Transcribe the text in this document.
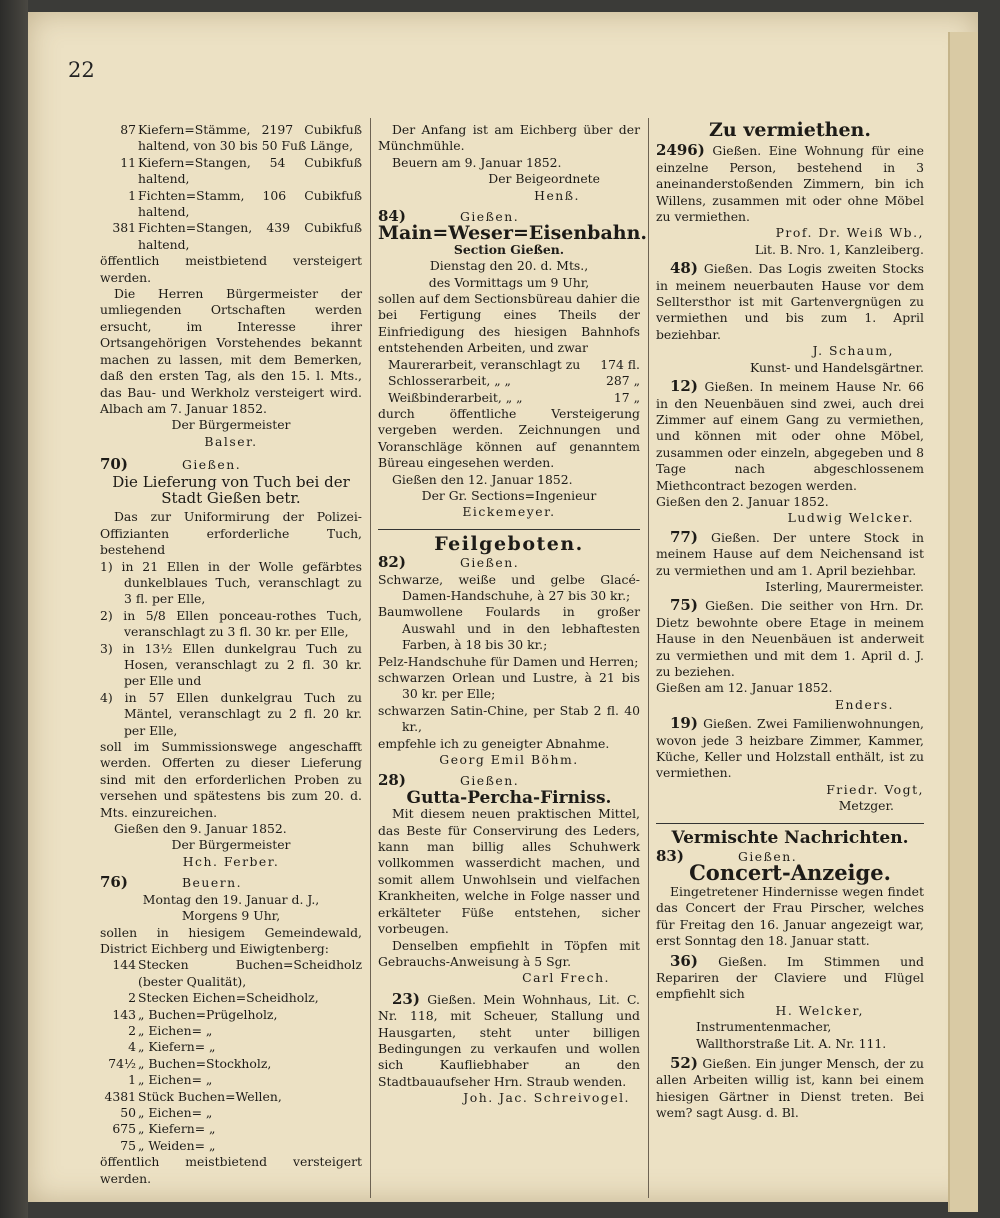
22

87 Kiefern=Stämme, 2197 Cubikfuß haltend, von 30 bis 50 Fuß Länge,

11 Kiefern=Stangen, 54 Cubikfuß haltend,

1 Fichten=Stamm, 106 Cubikfuß haltend,

381 Fichten=Stangen, 439 Cubikfuß haltend,

öffentlich meistbietend versteigert werden.

Die Herren Bürgermeister der umliegenden Ortschaften werden ersucht, im Interesse ihrer Ortsangehörigen Vorstehendes bekannt machen zu lassen, mit dem Bemerken, daß den ersten Tag, als den 15. l. Mts., das Bau- und Werkholz versteigert wird. Albach am 7. Januar 1852.

Der Bürgermeister

Balser.

70)	Gießen.

Die Lieferung von Tuch bei der Stadt Gießen betr.

Das zur Uniformirung der Polizei-Offizianten erforderliche Tuch, bestehend

1) in 21 Ellen in der Wolle gefärbtes dunkelblaues Tuch, veranschlagt zu 3 fl. per Elle,

2) in 5/8 Ellen ponceau-rothes Tuch, veranschlagt zu 3 fl. 30 kr. per Elle,

3) in 13½ Ellen dunkelgrau Tuch zu Hosen, veranschlagt zu 2 fl. 30 kr. per Elle und

4) in 57 Ellen dunkelgrau Tuch zu Mäntel, veranschlagt zu 2 fl. 20 kr. per Elle,

soll im Summissionswege angeschafft werden. Offerten zu dieser Lieferung sind mit den erforderlichen Proben zu versehen und spätestens bis zum 20. d. Mts. einzureichen.

Gießen den 9. Januar 1852.

Der Bürgermeister

Hch. Ferber.

76)	Beuern.

Montag den 19. Januar d. J.,

Morgens 9 Uhr,

sollen in hiesigem Gemeindewald, District Eichberg und Eiwigtenberg:

144 Stecken Buchen=Scheidholz (bester Qualität),

2 Stecken Eichen=Scheidholz,

143 „ Buchen=Prügelholz,

2 „ Eichen= „

4 „ Kiefern= „

74½ „ Buchen=Stockholz,

1 „ Eichen= „

4381 Stück Buchen=Wellen,

50 „ Eichen= „

675 „ Kiefern= „

75 „ Weiden= „

öffentlich meistbietend versteigert werden.

Der Anfang ist am Eichberg über der Münchmühle.

Beuern am 9. Januar 1852.

Der Beigeordnete

Henß.

84)	Gießen.

Main=Weser=Eisenbahn.

Section Gießen.

Dienstag den 20. d. Mts.,

des Vormittags um 9 Uhr,

sollen auf dem Sectionsbüreau dahier die bei Fertigung eines Theils der Einfriedigung des hiesigen Bahnhofs entstehenden Arbeiten, und zwar

Maurerarbeit, veranschlagt zu 174 fl.

Schlosserarbeit, „ „	287 „

Weißbinderarbeit, „ „	17 „

durch öffentliche Versteigerung vergeben werden. Zeichnungen und Voranschläge können auf genanntem Büreau eingesehen werden.

Gießen den 12. Januar 1852.

Der Gr. Sections=Ingenieur

Eickemeyer.

Feilgeboten.

82)	Gießen.

Schwarze, weiße und gelbe Glacé-Damen-Handschuhe, à 27 bis 30 kr.;

Baumwollene Foulards in großer Auswahl und in den lebhaftesten Farben, à 18 bis 30 kr.;

Pelz-Handschuhe für Damen und Herren;

schwarzen Orlean und Lustre, à 21 bis 30 kr. per Elle;

schwarzen Satin-Chine, per Stab 2 fl. 40 kr.,

empfehle ich zu geneigter Abnahme.

Georg Emil Böhm.

28)	Gießen.

Gutta-Percha-Firniss.

Mit diesem neuen praktischen Mittel, das Beste für Conservirung des Leders, kann man billig alles Schuhwerk vollkommen wasserdicht machen, und somit allem Unwohlsein und vielfachen Krankheiten, welche in Folge nasser und erkälteter Füße entstehen, sicher vorbeugen.

Denselben empfiehlt in Töpfen mit Gebrauchs-Anweisung à 5 Sgr.

Carl Frech.

23) Gießen. Mein Wohnhaus, Lit. C. Nr. 118, mit Scheuer, Stallung und Hausgarten, steht unter billigen Bedingungen zu verkaufen und wollen sich Kaufliebhaber an den Stadtbauaufseher Hrn. Straub wenden.

Joh. Jac. Schreivogel.

Zu vermiethen.

2496) Gießen. Eine Wohnung für eine einzelne Person, bestehend in 3 aneinanderstoßenden Zimmern, bin ich Willens, zusammen mit oder ohne Möbel zu vermiethen.

Prof. Dr. Weiß Wb.,

Lit. B. Nro. 1, Kanzleiberg.

48) Gießen. Das Logis zweiten Stocks in meinem neuerbauten Hause vor dem Selltersthor ist mit Gartenvergnügen zu vermiethen und bis zum 1. April beziehbar.

J. Schaum,

Kunst- und Handelsgärtner.

12) Gießen. In meinem Hause Nr. 66 in den Neuenbäuen sind zwei, auch drei Zimmer auf einem Gang zu vermiethen, und können mit oder ohne Möbel, zusammen oder einzeln, abgegeben und 8 Tage nach abgeschlossenem Miethcontract bezogen werden.

Gießen den 2. Januar 1852.

Ludwig Welcker.

77) Gießen. Der untere Stock in meinem Hause auf dem Neichensand ist zu vermiethen und am 1. April beziehbar.

Isterling, Maurermeister.

75) Gießen. Die seither von Hrn. Dr. Dietz bewohnte obere Etage in meinem Hause in den Neuenbäuen ist anderweit zu vermiethen und mit dem 1. April d. J. zu beziehen.

Gießen am 12. Januar 1852.

Enders.

19) Gießen. Zwei Familienwohnungen, wovon jede 3 heizbare Zimmer, Kammer, Küche, Keller und Holzstall enthält, ist zu vermiethen.

Friedr. Vogt,

Metzger.

Vermischte Nachrichten.

83)	Gießen.

Concert-Anzeige.

Eingetretener Hindernisse wegen findet das Concert der Frau Pirscher, welches für Freitag den 16. Januar angezeigt war, erst Sonntag den 18. Januar statt.

36) Gießen. Im Stimmen und Repariren der Claviere und Flügel empfiehlt sich

H. Welcker,

Instrumentenmacher, Wallthorstraße Lit. A. Nr. 111.

52) Gießen. Ein junger Mensch, der zu allen Arbeiten willig ist, kann bei einem hiesigen Gärtner in Dienst treten. Bei wem? sagt Ausg. d. Bl.
